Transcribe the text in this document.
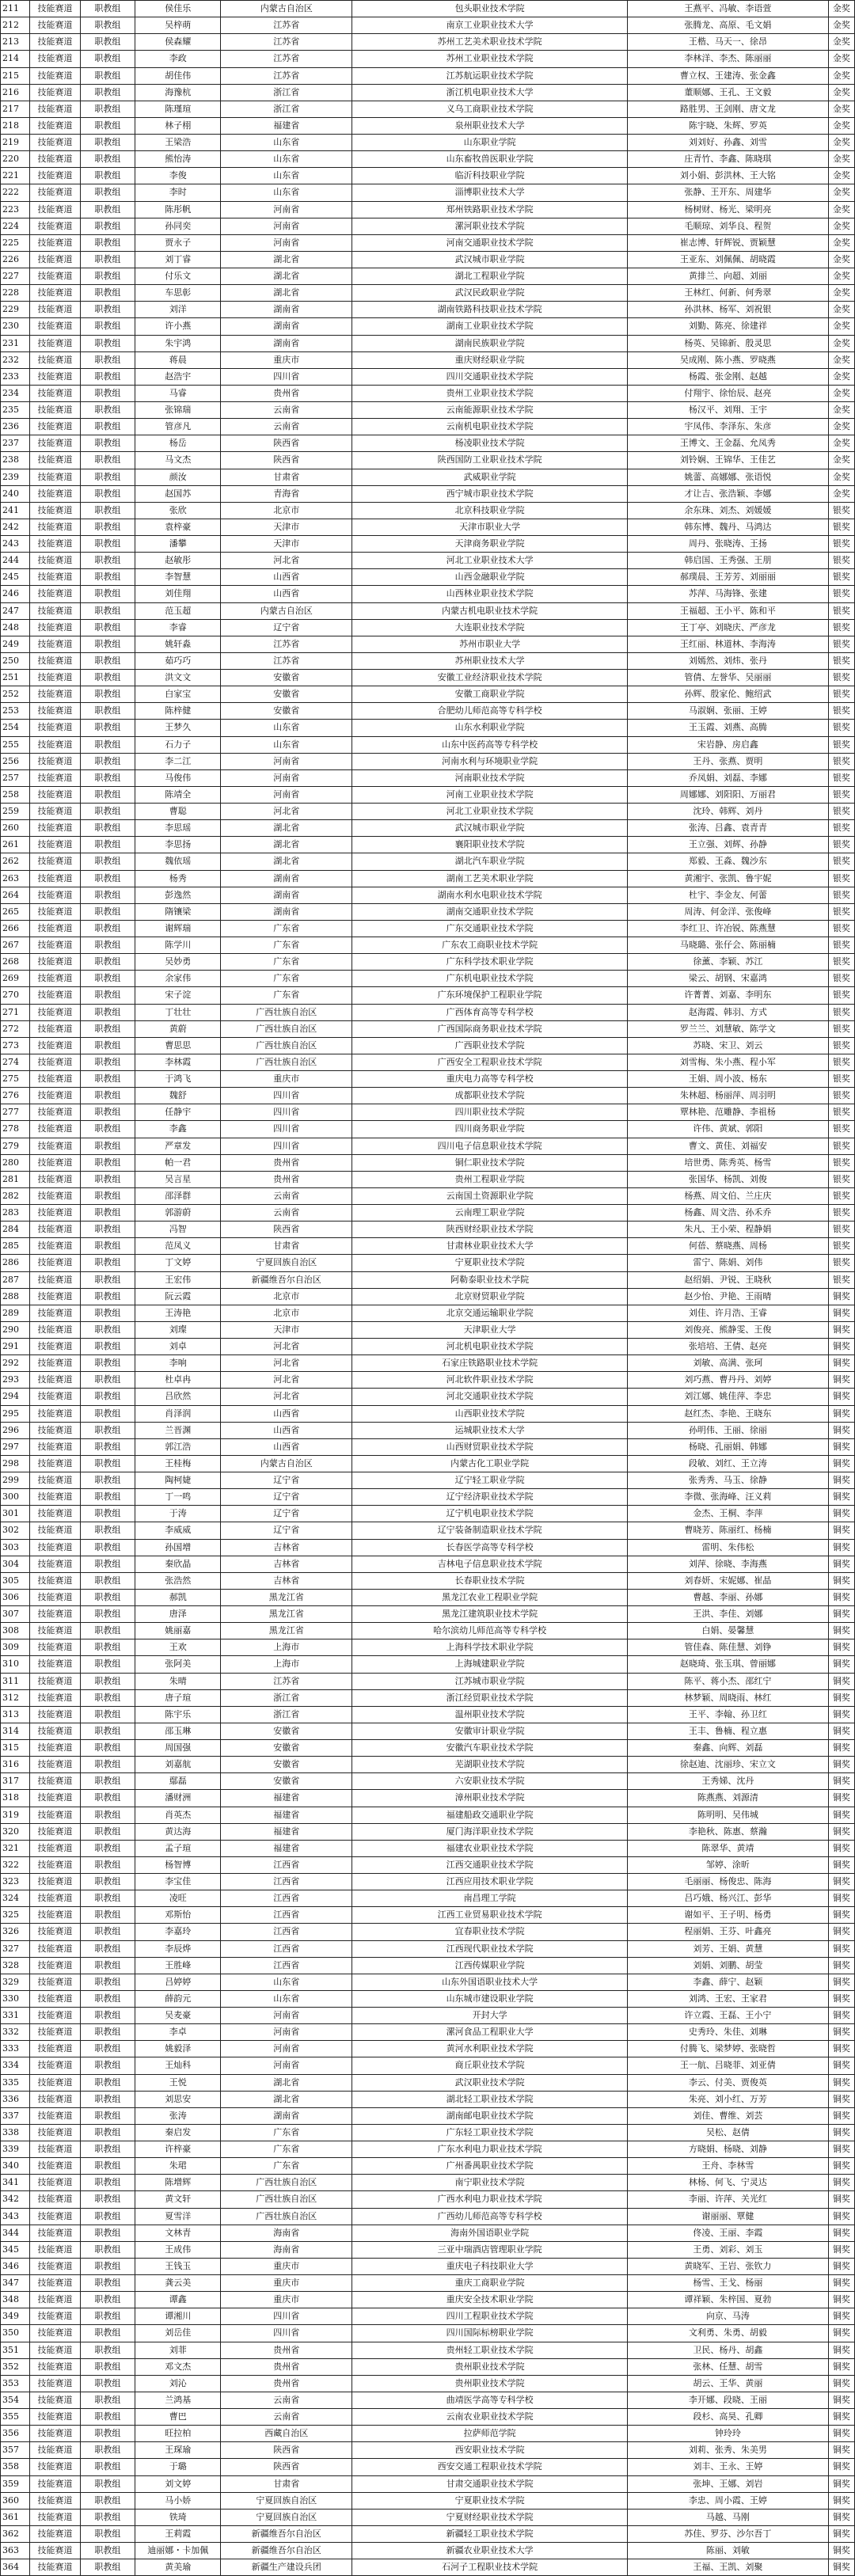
211	技能赛道	职教组	侯佳乐	内蒙古自治区	包头职业技术学院	王燕平、冯敏、李语萱	金奖
212	技能赛道	职教组	吴梓萌	江苏省	南京工业职业技术大学	张腾龙、高原、毛文娟	金奖
213	技能赛道	职教组	侯森耀	江苏省	苏州工艺美术职业技术学院	王楷、马天一、徐昂	金奖
214	技能赛道	职教组	李政	江苏省	苏州工业职业技术学院	李林洋、李杰、陈丽丽	金奖
215	技能赛道	职教组	胡佳伟	江苏省	江苏航运职业技术学院	曹立权、王建涛、张金鑫	金奖
216	技能赛道	职教组	海豫杭	浙江省	浙江机电职业技术大学	董顺娜、王孔、王文毅	金奖
217	技能赛道	职教组	陈瑾瑄	浙江省	义乌工商职业技术学院	路胜男、王剑刚、唐文龙	金奖
218	技能赛道	职教组	林子栩	福建省	泉州职业技术大学	陈宇晓、朱辉、罗英	金奖
219	技能赛道	职教组	王梁浩	山东省	山东职业学院	刘刘好、孙鑫、刘雪	金奖
220	技能赛道	职教组	熊怡涛	山东省	山东畜牧兽医职业学院	庄青竹、李鑫、陈晓琪	金奖
221	技能赛道	职教组	李俊	山东省	临沂科技职业学院	刘小娟、彭洪林、王大铭	金奖
222	技能赛道	职教组	李时	山东省	淄博职业技术大学	张静、王开东、周建华	金奖
223	技能赛道	职教组	陈彤帆	河南省	郑州铁路职业技术学院	杨树财、杨光、梁明亮	金奖
224	技能赛道	职教组	孙同奕	河南省	漯河职业技术学院	毛顺琼、刘华良、程贺	金奖
225	技能赛道	职教组	贾永子	河南省	河南交通职业技术学院	崔志博、轩辉锐、贾颖慧	金奖
226	技能赛道	职教组	刘丁睿	湖北省	武汉城市职业学院	王亚东、刘佩佩、胡晓霞	金奖
227	技能赛道	职教组	付乐文	湖北省	湖北工程职业学院	黄排兰、向超、刘丽	金奖
228	技能赛道	职教组	车思彰	湖北省	武汉民政职业学院	王林红、何新、何秀翠	金奖
229	技能赛道	职教组	刘洋	湖南省	湖南铁路科技职业技术学院	孙洪林、杨军、刘祝银	金奖
230	技能赛道	职教组	许小燕	湖南省	湖南工业职业技术学院	刘勤、陈亮、徐建祥	金奖
231	技能赛道	职教组	朱宇鸿	湖南省	湖南民族职业学院	杨英、吴锦新、殷灵思	金奖
232	技能赛道	职教组	蒋晨	重庆市	重庆财经职业学院	吴成刚、陈小燕、罗晓燕	金奖
233	技能赛道	职教组	赵浩宇	四川省	四川交通职业技术学院	杨霞、张金刚、赵越	金奖
234	技能赛道	职教组	马睿	贵州省	贵州工业职业技术学院	付翔宇、徐怡辰、赵亮	金奖
235	技能赛道	职教组	张锦瑞	云南省	云南能源职业技术学院	杨汉平、刘翔、王宇	金奖
236	技能赛道	职教组	管彦凡	云南省	云南机电职业技术学院	宇凤伟、李泽东、朱彦	金奖
237	技能赛道	职教组	杨岳	陕西省	杨凌职业技术学院	王博文、王金磊、允凤秀	金奖
238	技能赛道	职教组	马文杰	陕西省	陕西国防工业职业技术学院	刘铃娴、王锦华、王佳艺	金奖
239	技能赛道	职教组	颜汝	甘肃省	武威职业学院	姚蕾、高娜娜、张语悦	金奖
240	技能赛道	职教组	赵国苏	青海省	西宁城市职业技术学院	才让吉、张浩颖、李娜	金奖
241	技能赛道	职教组	张欣	北京市	北京科技职业学院	余东珠、刘杰、刘媛媛	银奖
242	技能赛道	职教组	袁梓豪	天津市	天津市职业大学	韩东博、魏丹、马鸿达	银奖
243	技能赛道	职教组	潘攀	天津市	天津商务职业学院	周丹、张晓涛、王扬	银奖
244	技能赛道	职教组	赵敏彤	河北省	河北工业职业技术大学	韩启国、王秀强、王朋	银奖
245	技能赛道	职教组	李智慧	山西省	山西金融职业学院	郝璞晨、王芳芳、刘丽丽	银奖
246	技能赛道	职教组	刘佳翔	山西省	山西林业职业技术学院	苏萍、马海锋、张建	银奖
247	技能赛道	职教组	范玉超	内蒙古自治区	内蒙古机电职业技术学院	王福超、王小平、陈和平	银奖
248	技能赛道	职教组	李睿	辽宁省	大连职业技术学院	王丁亭、刘晓庆、严彦龙	银奖
249	技能赛道	职教组	姚轩淼	江苏省	苏州市职业大学	王红丽、林道林、李海涛	银奖
250	技能赛道	职教组	茹巧巧	江苏省	苏州职业技术大学	刘嫣然、刘炜、张丹	银奖
251	技能赛道	职教组	洪文文	安徽省	安徽工业经济职业技术学院	管倩、左誉华、吴丽丽	银奖
252	技能赛道	职教组	白家宝	安徽省	安徽工商职业学院	孙辉、殷家伦、鲍绍武	银奖
253	技能赛道	职教组	陈梓健	安徽省	合肥幼儿师范高等专科学校	马淑娴、张丽、王婷	银奖
254	技能赛道	职教组	王梦久	山东省	山东水利职业学院	王玉霞、刘燕、高腾	银奖
255	技能赛道	职教组	石力子	山东省	山东中医药高等专科学校	宋岩静、房启鑫	银奖
256	技能赛道	职教组	李二江	河南省	河南水利与环境职业学院	王丹、张燕、贾明	银奖
257	技能赛道	职教组	马俊伟	河南省	河南职业技术学院	乔凤娟、刘磊、李娜	银奖
258	技能赛道	职教组	陈靖全	河南省	河南工业职业技术学院	周娜娜、刘阳阳、万丽君	银奖
259	技能赛道	职教组	曹聪	河北省	河北工业职业技术学院	沈玲、韩辉、刘丹	银奖
260	技能赛道	职教组	李思瑶	湖北省	武汉城市职业学院	张涛、吕鑫、袁青青	银奖
261	技能赛道	职教组	李思扬	湖北省	襄阳职业技术学院	王立强、刘辉、孙静	银奖
262	技能赛道	职教组	魏依瑶	湖北省	湖北汽车职业学院	郑毅、王淼、魏沙东	银奖
263	技能赛道	职教组	杨秀	湖南省	湖南工艺美术职业学院	黄湘宇、张凯、鲁宇妮	银奖
264	技能赛道	职教组	彭逸然	湖南省	湖南水利水电职业技术学院	杜宇、李金友、何蕾	银奖
265	技能赛道	职教组	隋镶梁	湖南省	湖南交通职业技术学院	周涛、何金洋、张俊峰	银奖
266	技能赛道	职教组	谢辉瑞	广东省	广东交通职业技术学院	李红卫、许冶锐、陈燕慧	银奖
267	技能赛道	职教组	陈学川	广东省	广东农工商职业技术学院	马晓璐、张仔会、陈丽楠	银奖
268	技能赛道	职教组	吴妙勇	广东省	广东科学技术职业学院	徐薰、李颖、苏江	银奖
269	技能赛道	职教组	余家伟	广东省	广东机电职业技术学院	梁云、胡钢、宋嘉鸿	银奖
270	技能赛道	职教组	宋子淀	广东省	广东环境保护工程职业学院	许菁菁、刘嘉、李明东	银奖
271	技能赛道	职教组	丁壮壮	广西壮族自治区	广西体育高等专科学校	赵海霞、韩羽、方式	银奖
272	技能赛道	职教组	黄蔚	广西壮族自治区	广西国际商务职业技术学院	罗兰兰、刘慧敏、陈学文	银奖
273	技能赛道	职教组	曹思思	广西壮族自治区	广西职业技术学院	苏晓、宋卫、刘云	银奖
274	技能赛道	职教组	李林霞	广西壮族自治区	广西安全工程职业技术学院	刘雪梅、朱小燕、程小军	银奖
275	技能赛道	职教组	于鸿飞	重庆市	重庆电力高等专科学校	王娟、周小波、杨东	银奖
276	技能赛道	职教组	魏舒	四川省	成都职业技术学院	朱林超、杨丽萍、周羽明	银奖
277	技能赛道	职教组	任静宇	四川省	四川职业技术学院	覃林艳、范雕静、李祖杨	银奖
278	技能赛道	职教组	李鑫	四川省	四川商务职业学院	许伟、黄斌、郭阳	银奖
279	技能赛道	职教组	严章发	四川省	四川电子信息职业技术学院	曹文、黄佳、刘福安	银奖
280	技能赛道	职教组	帕一君	贵州省	铜仁职业技术学院	培世勇、陈秀英、杨雪	银奖
281	技能赛道	职教组	吴言星	贵州省	贵州工程职业学院	张国华、杨凯、刘俊	银奖
282	技能赛道	职教组	邵泽群	云南省	云南国土资源职业学院	杨燕、周文伯、兰庄庆	银奖
283	技能赛道	职教组	郭游蔚	云南省	云南理工职业学院	杨鑫、周文浩、孙禾乔	银奖
284	技能赛道	职教组	冯智	陕西省	陕西财经职业技术学院	朱凡、王小荣、程静娟	银奖
285	技能赛道	职教组	范凤义	甘肃省	甘肃林业职业技术大学	何蓓、蔡晓燕、周杨	银奖
286	技能赛道	职教组	丁文婷	宁夏回族自治区	宁夏职业技术学院	雷宁、陈娟、刘伟	银奖
287	技能赛道	职教组	王宏伟	新疆维吾尔自治区	阿勒泰职业技术学院	赵绍娟、尹锐、王晓秋	银奖
288	技能赛道	职教组	阮云霞	北京市	北京财贸职业学院	赵少怡、尹艳、王雨晴	铜奖
289	技能赛道	职教组	王涛艳	北京市	北京交通运输职业学院	刘佳、许月浩、王睿	铜奖
290	技能赛道	职教组	刘璨	天津市	天津职业大学	刘俊亮、熊静雯、王俊	铜奖
291	技能赛道	职教组	刘卓	河北省	河北机电职业技术学院	张培培、王倩、赵亮	铜奖
292	技能赛道	职教组	李响	河北省	石家庄铁路职业技术学院	刘敏、高满、张珂	铜奖
293	技能赛道	职教组	杜卓冉	河北省	河北软件职业技术学院	刘巧燕、曹丹丹、刘婷	铜奖
294	技能赛道	职教组	吕欣然	河北省	河北交通职业技术学院	刘江娜、姚佳萍、李忠	铜奖
295	技能赛道	职教组	肖泽润	山西省	山西职业技术学院	赵红杰、李艳、王晓东	铜奖
296	技能赛道	职教组	兰晋渊	山西省	运城职业技术大学	孙明伟、王丽、徐丽	铜奖
297	技能赛道	职教组	郭江浩	山西省	山西财贸职业技术学院	杨晓、孔丽娟、韩娜	铜奖
298	技能赛道	职教组	王桂梅	内蒙古自治区	内蒙古化工职业学院	段敏、刘红、王立涛	铜奖
299	技能赛道	职教组	陶柯婕	辽宁省	辽宁轻工职业学院	张秀秀、马玉、徐静	铜奖
300	技能赛道	职教组	丁一鸣	辽宁省	辽宁经济职业技术学院	李微、张海峰、汪义莉	铜奖
301	技能赛道	职教组	于涛	辽宁省	辽宁机电职业技术学院	金杰、王桐、李萍	铜奖
302	技能赛道	职教组	李威威	辽宁省	辽宁装备制造职业技术学院	曹晓芳、陈丽红、杨楠	铜奖
303	技能赛道	职教组	孙国增	吉林省	长春医学高等专科学校	雷明、朱伟松	铜奖
304	技能赛道	职教组	秦欣晶	吉林省	吉林电子信息职业技术学院	刘萍、徐晓、李海燕	铜奖
305	技能赛道	职教组	张浩然	吉林省	长春职业技术学院	刘春妍、宋妮娜、崔晶	铜奖
306	技能赛道	职教组	郝凯	黑龙江省	黑龙江农业工程职业学院	曹越、李丽、孙娜	铜奖
307	技能赛道	职教组	唐泽	黑龙江省	黑龙江建筑职业技术学院	王洪、李佳、刘娜	铜奖
308	技能赛道	职教组	姚丽嘉	黑龙江省	哈尔滨幼儿师范高等专科学校	白娟、晏馨慧	铜奖
309	技能赛道	职教组	王欢	上海市	上海科学技术职业学院	管佳森、陈佳慧、刘铮	铜奖
310	技能赛道	职教组	张阿美	上海市	上海城建职业学院	赵晓琦、张玉琪、曾丽娜	铜奖
311	技能赛道	职教组	朱晴	江苏省	江苏城市职业学院	陈平、蒋小杰、邵红宁	铜奖
312	技能赛道	职教组	唐子瑄	浙江省	浙江经贸职业技术学院	林梦颖、周晓雨、林红	铜奖
313	技能赛道	职教组	陈宇乐	浙江省	温州职业技术学院	王平、李翰、孙卫红	铜奖
314	技能赛道	职教组	邵玉琳	安徽省	安徽审计职业学院	王丰、鲁楠、程立惠	铜奖
315	技能赛道	职教组	周国强	安徽省	安徽汽车职业技术学院	秦鑫、向辉、刘磊	铜奖
316	技能赛道	职教组	刘嘉航	安徽省	芜湖职业技术学院	徐赵迪、沈丽珍、宋立文	铜奖
317	技能赛道	职教组	鄢磊	安徽省	六安职业技术学院	王秀娣、沈丹	铜奖
318	技能赛道	职教组	潘财洲	福建省	漳州职业技术学院	陈燕燕、刘源清	铜奖
319	技能赛道	职教组	肖英杰	福建省	福建船政交通职业学院	陈明明、吴伟城	铜奖
320	技能赛道	职教组	黄达海	福建省	厦门海洋职业技术学院	李艳秋、陈惠、蔡瀚	铜奖
321	技能赛道	职教组	孟子瑄	福建省	福建农业职业技术学院	陈翠华、黄靖	铜奖
322	技能赛道	职教组	杨智博	江西省	江西交通职业技术学院	邹婷、涂昕	铜奖
323	技能赛道	职教组	李宝佳	江西省	江西应用技术职业学院	毛丽丽、杨俊忠、陈海	铜奖
324	技能赛道	职教组	凌旺	江西省	南昌理工学院	吕巧娥、杨兴江、彭华	铜奖
325	技能赛道	职教组	邓斯怡	江西省	江西工业贸易职业技术学院	谢如平、王子明、杨勇	铜奖
326	技能赛道	职教组	李嘉玲	江西省	宜春职业技术学院	程丽娟、王芬、叶鑫亮	铜奖
327	技能赛道	职教组	李辰烨	江西省	江西现代职业技术学院	刘芳、王娟、黄慧	铜奖
328	技能赛道	职教组	王胜峰	江西省	江西传媒职业学院	刘娟、刘鹏、胡莹	铜奖
329	技能赛道	职教组	吕婷婷	山东省	山东外国语职业技术大学	李鑫、薛宁、赵颖	铜奖
330	技能赛道	职教组	薛韵元	山东省	山东城市建设职业学院	刘鸿、王宏、王家君	铜奖
331	技能赛道	职教组	吴麦豪	河南省	开封大学	许立霞、王磊、王小宁	铜奖
332	技能赛道	职教组	李卓	河南省	漯河食品工程职业大学	史秀玲、朱佳、刘琳	铜奖
333	技能赛道	职教组	姚毅泽	河南省	黄河水利职业技术学院	付腾飞、梁梦婷、张晓哲	铜奖
334	技能赛道	职教组	王灿科	河南省	商丘职业技术学院	王一航、吕晓菲、刘亚倩	铜奖
335	技能赛道	职教组	王悦	湖北省	武汉职业技术学院	李云、付美、贾俊英	铜奖
336	技能赛道	职教组	刘思安	湖北省	湖北轻工职业技术学院	朱亮、刘小红、万芳	铜奖
337	技能赛道	职教组	张涛	湖南省	湖南邮电职业技术学院	刘佳、曹维、刘芸	铜奖
338	技能赛道	职教组	秦启发	广东省	广东轻工职业技术学院	吴松、赵倩	铜奖
339	技能赛道	职教组	许梓豪	广东省	广东水利电力职业技术学院	方晓娟、杨晓、刘静	铜奖
340	技能赛道	职教组	朱珺	广东省	广州番禺职业技术学院	王舟、李林雪	铜奖
341	技能赛道	职教组	陈增辉	广西壮族自治区	南宁职业技术学院	林杨、何飞、宁灵达	铜奖
342	技能赛道	职教组	黄文轩	广西壮族自治区	广西水利电力职业技术学院	李丽、许萍、关光红	铜奖
343	技能赛道	职教组	夏雪洋	广西壮族自治区	广西幼儿师范高等专科学校	谢丽丽、覃健	铜奖
344	技能赛道	职教组	文林青	海南省	海南外国语职业学院	佟凌、王丽、李霞	铜奖
345	技能赛道	职教组	王成伟	海南省	三亚中瑞酒店管理职业学院	王勇、刘彩、刘玉	铜奖
346	技能赛道	职教组	王钱玉	重庆市	重庆电子科技职业大学	黄晓军、王岩、张钦力	铜奖
347	技能赛道	职教组	龚云美	重庆市	重庆工商职业学院	杨雪、王戈、杨丽	铜奖
348	技能赛道	职教组	谭鑫	重庆市	重庆安全技术职业学院	谭祥颖、朱梓国、夏勃	铜奖
349	技能赛道	职教组	谭湘川	四川省	四川工程职业技术学院	向京、马涛	铜奖
350	技能赛道	职教组	刘岳佳	四川省	四川国际标榜职业学院	文利勇、朱勇、胡毅	铜奖
351	技能赛道	职教组	刘菲	贵州省	贵州轻工职业技术学院	卫民、杨丹、胡鑫	铜奖
352	技能赛道	职教组	邓文杰	贵州省	贵州职业技术学院	张林、任慧、胡雪	铜奖
353	技能赛道	职教组	刘沁	贵州省	贵州职业技术学院	胡云、王华、黄丽	铜奖
354	技能赛道	职教组	兰鸿基	云南省	曲靖医学高等专科学校	李开娜、段晓、王丽	铜奖
355	技能赛道	职教组	曹巴	云南省	云南农业职业技术学院	段杉、高昊、孔卿	铜奖
356	技能赛道	职教组	旺拉柏	西藏自治区	拉萨师范学院	钟玲玲	铜奖
357	技能赛道	职教组	王琛瑜	陕西省	西安职业技术学院	刘莉、张秀、朱美男	铜奖
358	技能赛道	职教组	于璐	陕西省	西安交通工程职业技术学院	刘丰、王永、王婷	铜奖
359	技能赛道	职教组	刘文婷	甘肃省	甘肃交通职业技术学院	张坤、王娜、刘岩	铜奖
360	技能赛道	职教组	马小娇	宁夏回族自治区	宁夏职业技术学院	李忠、周小霞、王婷	铜奖
361	技能赛道	职教组	铁琦	宁夏回族自治区	宁夏财经职业技术学院	马越、马刚	铜奖
362	技能赛道	职教组	王莉霞	新疆维吾尔自治区	新疆轻工职业技术学院	苏佳、罗芬、沙尔吾丁	铜奖
363	技能赛道	职教组	迪丽娜・卡加佩	新疆维吾尔自治区	新疆农业职业技术大学	陈丽、刘敏	铜奖
364	技能赛道	职教组	黄美瑜	新疆生产建设兵团	石河子工程职业技术学院	王福、王凯、刘聚	铜奖
